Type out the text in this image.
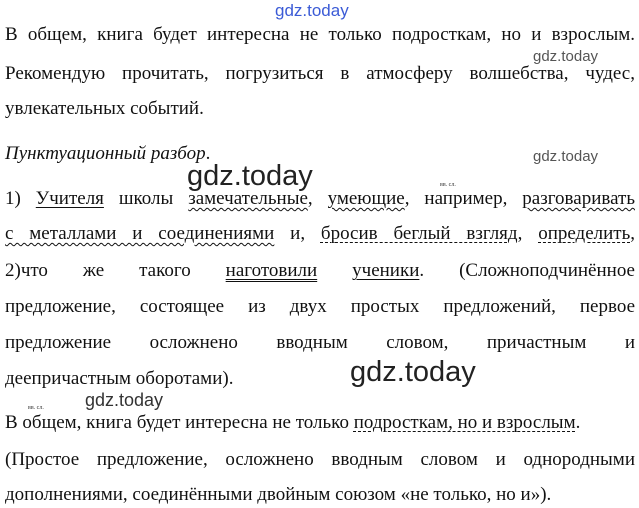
gdz.today
gdz.today
gdz.today
gdz.today
gdz.today
gdz.today
вв. сл.
вв. сл.
В общем, книга будет интересна не только подросткам, но и взрослым.
Рекомендую прочитать, погрузиться в атмосферу волшебства, чудес,
увлекательных событий.
Пунктуационный разбор.
1) Учителя школы замечательные, умеющие, например, разговаривать
с металлами и соединениями и, бросив беглый взгляд, определить,
2)что же такого наготовили ученики. (Сложноподчинённое
предложение, состоящее из двух простых предложений, первое
предложение осложнено вводным словом, причастным и
деепричастным оборотами).
В общем, книга будет интересна не только подросткам, но и взрослым.
(Простое предложение, осложнено вводным словом и однородными
дополнениями, соединёнными двойным союзом «не только, но и»).
